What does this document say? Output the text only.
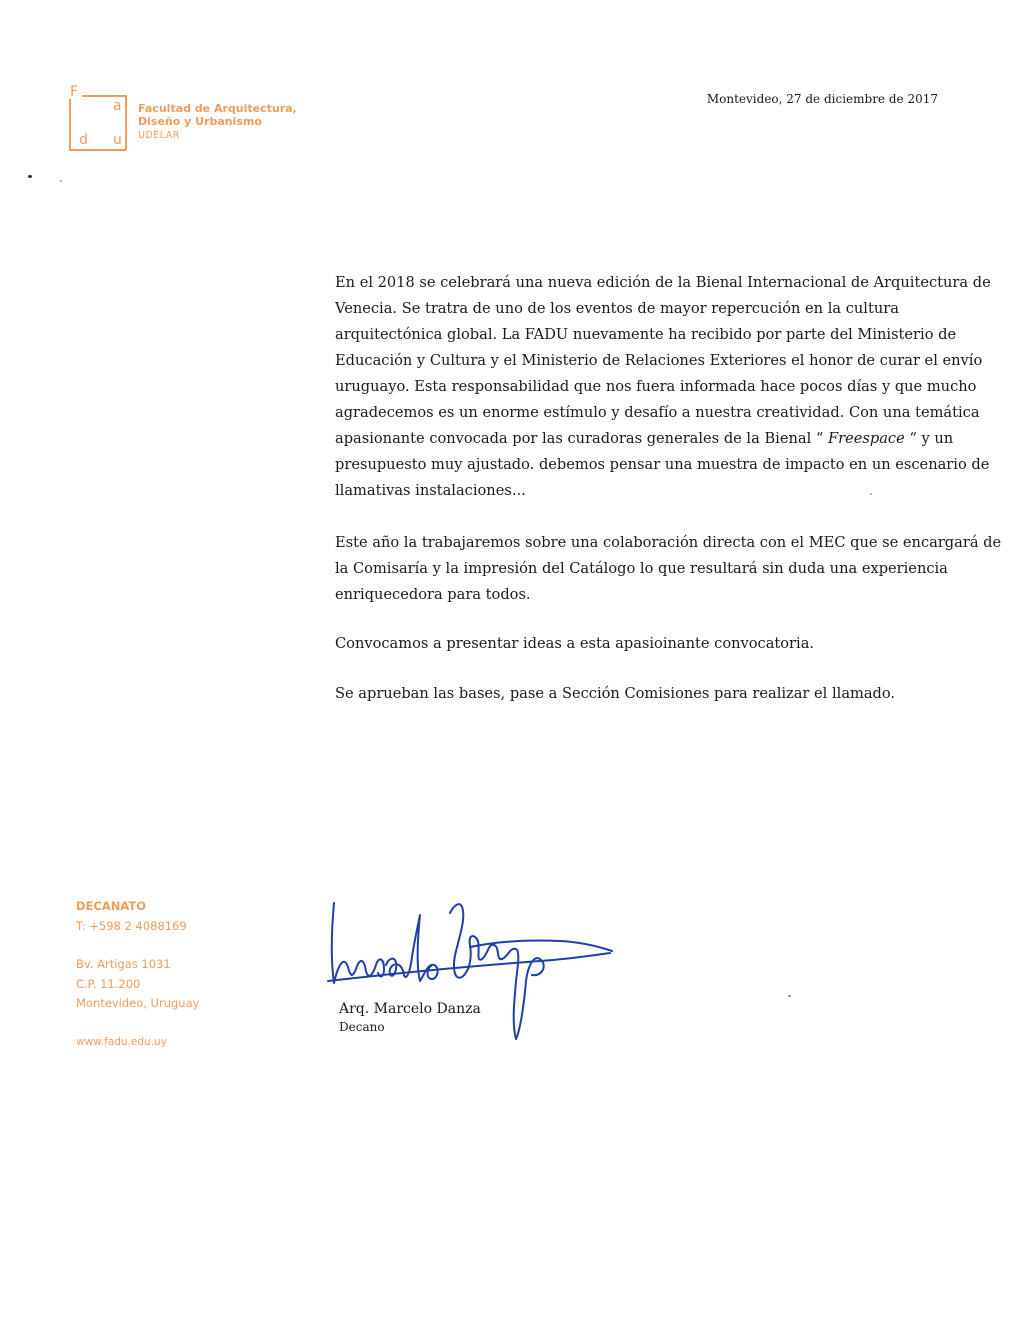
F
a
d u
Facultad de Arquitectura,
Diseño y Urbanismo
UDELAR
Montevideo, 27 de diciembre de 2017

En el 2018 se celebrará una nueva edición de la Bienal Internacional de Arquitectura de
Venecia. Se tratra de uno de los eventos de mayor repercución en la cultura
arquitectónica global. La FADU nuevamente ha recibido por parte del Ministerio de
Educación y Cultura y el Ministerio de Relaciones Exteriores el honor de curar el envío
uruguayo. Esta responsabilidad que nos fuera informada hace pocos días y que mucho
agradecemos es un enorme estímulo y desafío a nuestra creatividad. Con una temática
apasionante convocada por las curadoras generales de la Bienal “ Freespace “ y un
presupuesto muy ajustado. debemos pensar una muestra de impacto en un escenario de
llamativas instalaciones...

Este año la trabajaremos sobre una colaboración directa con el MEC que se encargará de
la Comisaría y la impresión del Catálogo lo que resultará sin duda una experiencia
enriquecedora para todos.

Convocamos a presentar ideas a esta apasioinante convocatoria.

Se aprueban las bases, pase a Sección Comisiones para realizar el llamado.

DECANATO
T: +598 2 4088169
Bv. Artigas 1031
C.P. 11.200
Montevideo, Uruguay
www.fadu.edu.uy
Arq. Marcelo Danza
Decano
